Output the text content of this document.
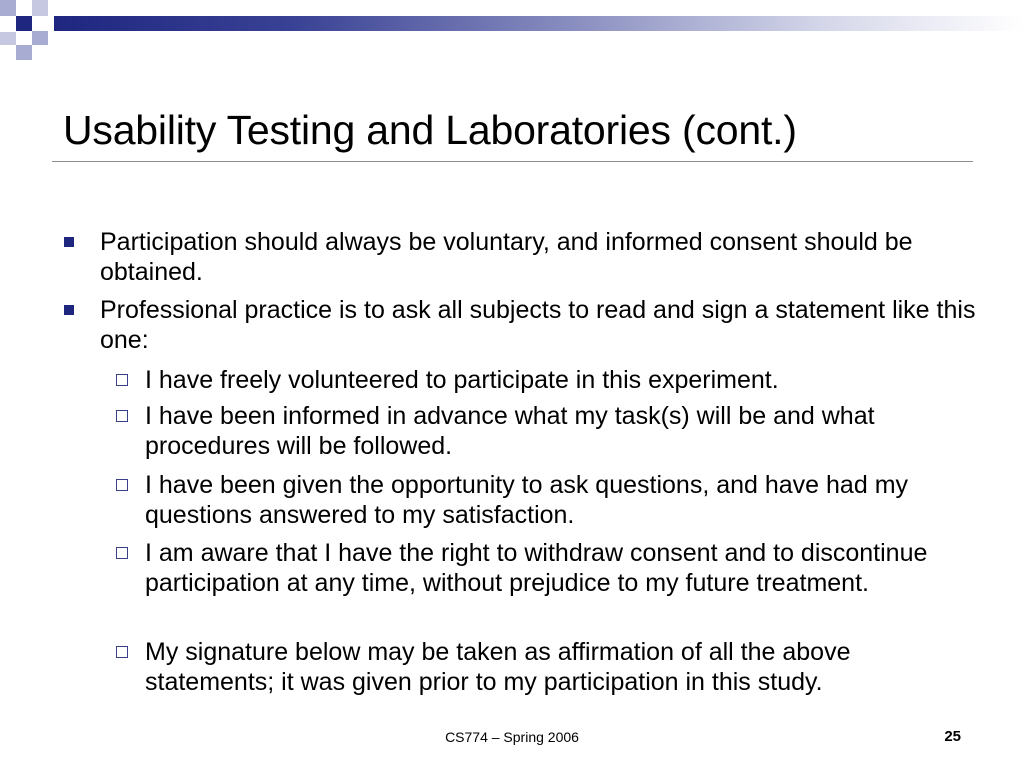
Usability Testing and Laboratories (cont.)

Participation should always be voluntary, and informed consent should be obtained.

Professional practice is to ask all subjects to read and sign a statement like this one:

I have freely volunteered to participate in this experiment.

I have been informed in advance what my task(s) will be and what procedures will be followed.

I have been given the opportunity to ask questions, and have had my questions answered to my satisfaction.

I am aware that I have the right to withdraw consent and to discontinue participation at any time, without prejudice to my future treatment.

My signature below may be taken as affirmation of all the above statements; it was given prior to my participation in this study.

CS774 – Spring 2006	25
